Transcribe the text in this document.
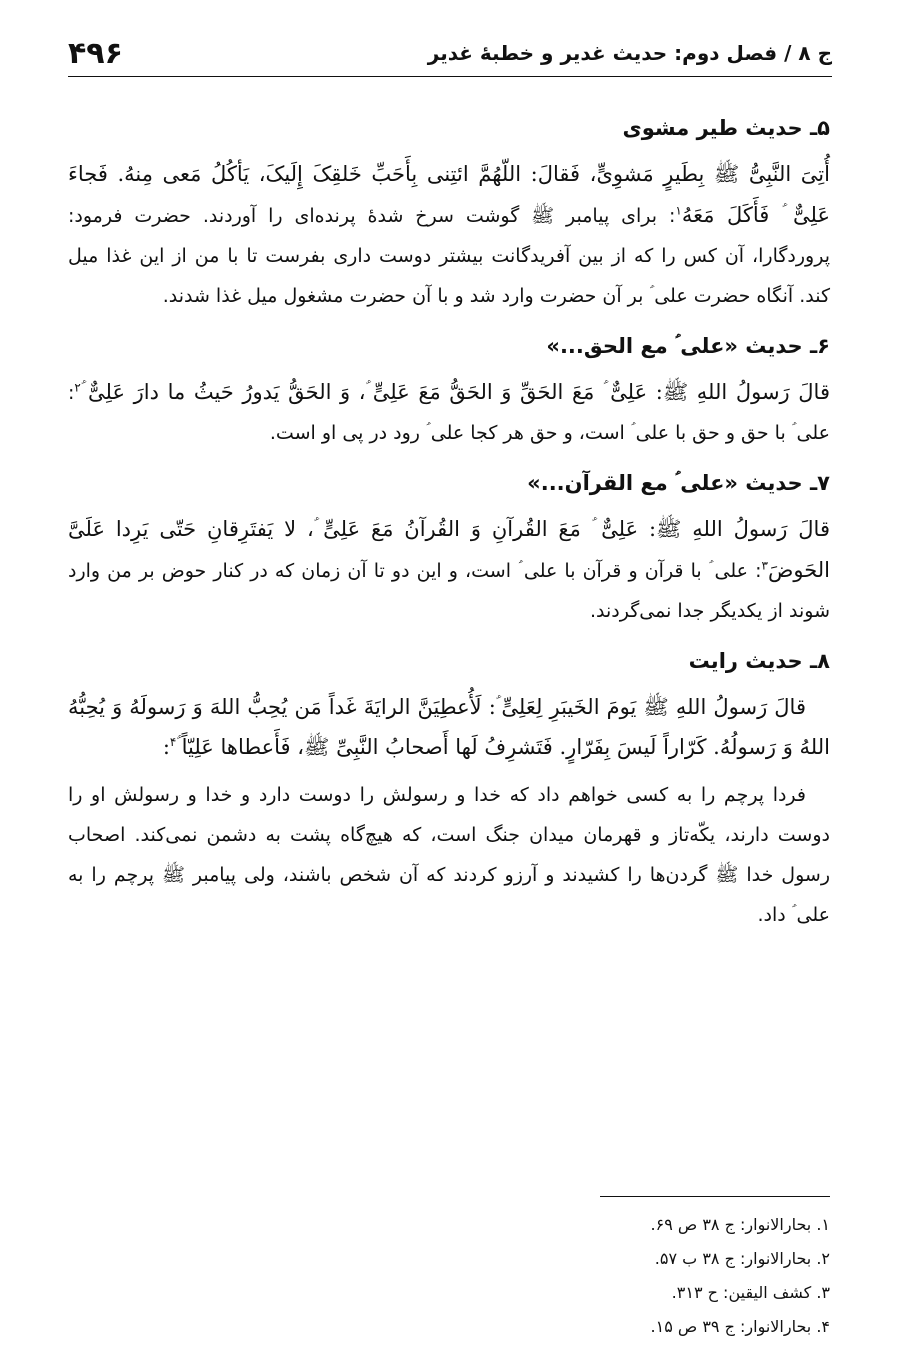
ج ۸ / فصل دوم: حدیث غدیر و خطبهٔ غدیر
۴۹۶
۵ـ حدیث طیر مشوی

أُتِیَ النَّبِیُّ ﷺ بِطَیرٍ مَشوِیٍّ، فَقالَ: اللّهُمَّ ائتِنی بِأَحَبِّ خَلقِکَ إِلَیکَ، یَأکُلُ مَعی مِنهُ. فَجاءَ عَلِیٌّ ؑ فَأَکَلَ مَعَهُ$^۱$: برای پیامبر ﷺ گوشت سرخ شدهٔ پرنده‌ای را آوردند. حضرت فرمود: پروردگارا، آن کس را که از بین آفریدگانت بیشتر دوست داری بفرست تا با من از این غذا میل کند. آنگاه حضرت علی ؑ بر آن حضرت وارد شد و با آن حضرت مشغول میل غذا شدند.

۶ـ حدیث «علی ؑ مع الحق...»

قالَ رَسولُ اللهِ ﷺ: عَلِیٌّ ؑ مَعَ الحَقِّ وَ الحَقُّ مَعَ عَلِیٍّ ؑ، وَ الحَقُّ یَدورُ حَیثُ ما دارَ عَلِیٌّ ؑ$^۲$: علی ؑ با حق و حق با علی ؑ است، و حق هر کجا علی ؑ رود در پی او است.

۷ـ حدیث «علی ؑ مع القرآن...»

قالَ رَسولُ اللهِ ﷺ: عَلِیٌّ ؑ مَعَ القُرآنِ وَ القُرآنُ مَعَ عَلِیٍّ ؑ، لا یَفتَرِقانِ حَتّی یَرِدا عَلَیَّ الحَوضَ$^۳$: علی ؑ با قرآن و قرآن با علی ؑ است، و این دو تا آن زمان که در کنار حوض بر من وارد شوند از یکدیگر جدا نمی‌گردند.

۸ـ حدیث رایت

قالَ رَسولُ اللهِ ﷺ یَومَ الخَیبَرِ لِعَلِیٍّ ؑ: لَأُعطِیَنَّ الرایَةَ غَداً مَن یُحِبُّ اللهَ وَ رَسولَهُ وَ یُحِبُّهُ اللهُ وَ رَسولُهُ. کَرّاراً لَیسَ بِفَرّارٍ. فَتَشرِفُ لَها أَصحابُ النَّبِیِّ ﷺ، فَأَعطاها عَلِیّاً ؑ$^۴$:

فردا پرچم را به کسی خواهم داد که خدا و رسولش را دوست دارد و خدا و رسولش او را دوست دارند، یکّه‌تاز و قهرمان میدان جنگ است، که هیچ‌گاه پشت به دشمن نمی‌کند. اصحاب رسول خدا ﷺ گردن‌ها را کشیدند و آرزو کردند که آن شخص باشند، ولی پیامبر ﷺ پرچم را به علی ؑ داد.

۱. بحارالانوار: ج ۳۸ ص ۶۹.
۲. بحارالانوار: ج ۳۸ ب ۵۷.
۳. کشف الیقین: ح ۳۱۳.
۴. بحارالانوار: ج ۳۹ ص ۱۵.
